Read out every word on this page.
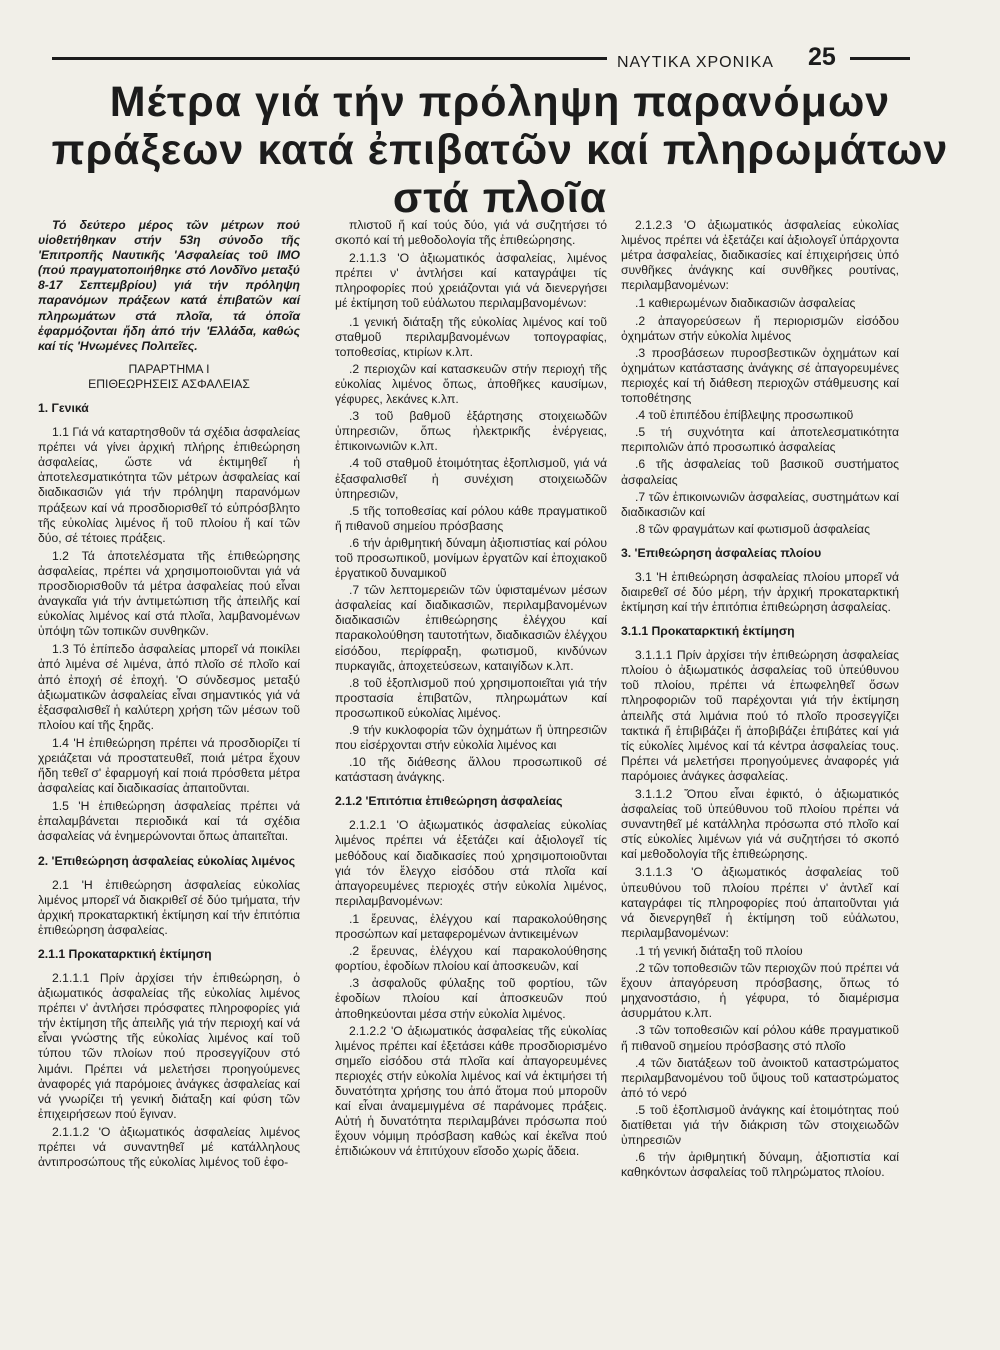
ΝΑΥΤΙΚΑ ΧΡΟΝΙΚΑ 25
Μέτρα γιά τήν πρόληψη παρανόμων πράξεων κατά ἐπιβατῶν καί πληρωμάτων στά πλοῖα

Τό δεύτερο μέρος τῶν μέτρων πού υἱοθετήθηκαν στήν 53η σύνοδο τῆς 'Επιτροπῆς Ναυτικῆς 'Ασφαλείας τοῦ ΙΜΟ (πού πραγματοποιήθηκε στό Λονδῖνο μεταξύ 8-17 Σεπτεμβρίου) γιά τήν πρόληψη παρανόμων πράξεων κατά ἐπιβατῶν καί πληρωμάτων στά πλοῖα, τά ὁποῖα ἐφαρμόζονται ἤδη ἀπό τήν 'Ελλάδα, καθώς καί τίς 'Ηνωμένες Πολιτεῖες.

ΠΑΡΑΡΤΗΜΑ Ι
ΕΠΙΘΕΩΡΗΣΕΙΣ ΑΣΦΑΛΕΙΑΣ
1. Γενικά

1.1 Γιά νά καταρτησθοῦν τά σχέδια ἀσφαλείας πρέπει νά γίνει ἀρχική πλήρης ἐπιθεώρηση ἀσφαλείας, ὥστε νά ἐκτιμηθεῖ ἡ ἀποτελεσματικότητα τῶν μέτρων ἀσφαλείας καί διαδικασιῶν γιά τήν πρόληψη παρανόμων πράξεων καί νά προσδιορισθεῖ τό εὐπρόσβλητο τῆς εὐκολίας λιμένος ἤ τοῦ πλοίου ἤ καί τῶν δύο, σέ τέτοιες πράξεις.

1.2 Τά ἀποτελέσματα τῆς ἐπιθεώρησης ἀσφαλείας, πρέπει νά χρησιμοποιοῦνται γιά νά προσδιορισθοῦν τά μέτρα ἀσφαλείας πού εἶναι ἀναγκαῖα γιά τήν ἀντιμετώπιση τῆς ἀπειλῆς καί εὐκολίας λιμένος καί στά πλοῖα, λαμβανομένων ὑπόψη τῶν τοπικῶν συνθηκῶν.

1.3 Τό ἐπίπεδο ἀσφαλείας μπορεῖ νά ποικίλει ἀπό λιμένα σέ λιμένα, ἀπό πλοῖο σέ πλοῖο καί ἀπό ἐποχή σέ ἐποχή. 'Ο σύνδεσμος μεταξύ ἀξιωματικῶν ἀσφαλείας εἶναι σημαντικός γιά νά ἐξασφαλισθεῖ ἡ καλύτερη χρήση τῶν μέσων τοῦ πλοίου καί τῆς ξηρᾶς.

1.4 'Η ἐπιθεώρηση πρέπει νά προσδιορίζει τί χρειάζεται νά προστατευθεῖ, ποιά μέτρα ἔχουν ἤδη τεθεῖ σ' ἐφαρμογή καί ποιά πρόσθετα μέτρα ἀσφαλείας καί διαδικασίας ἀπαιτοῦνται.

1.5 'Η ἐπιθεώρηση ἀσφαλείας πρέπει νά ἐπαλαμβάνεται περιοδικά καί τά σχέδια ἀσφαλείας νά ἐνημερώνονται ὅπως ἀπαιτεῖται.

2. 'Επιθεώρηση ἀσφαλείας εὐκολίας λιμένος

2.1 'Η ἐπιθεώρηση ἀσφαλείας εὐκολίας λιμένος μπορεῖ νά διακριθεῖ σέ δύο τμήματα, τήν ἀρχική προκαταρκτική ἐκτίμηση καί τήν ἐπιτόπια ἐπιθεώρηση ἀσφαλείας.

2.1.1 Προκαταρκτική ἐκτίμηση

2.1.1.1 Πρίν ἀρχίσει τήν ἐπιθεώρηση, ὁ ἀξιωματικός ἀσφαλείας τῆς εὐκολίας λιμένος πρέπει ν' ἀντλήσει πρόσφατες πληροφορίες γιά τήν ἐκτίμηση τῆς ἀπειλῆς γιά τήν περιοχή καί νά εἶναι γνώστης τῆς εὐκολίας λιμένος καί τοῦ τύπου τῶν πλοίων πού προσεγγίζουν στό λιμάνι. Πρέπει νά μελετήσει προηγούμενες ἀναφορές γιά παρόμοιες ἀνάγκες ἀσφαλείας καί νά γνωρίζει τή γενική διάταξη καί φύση τῶν ἐπιχειρήσεων πού ἔγιναν.

2.1.1.2 'Ο ἀξιωματικός ἀσφαλείας λιμένος πρέπει νά συναντηθεῖ μέ κατάλληλους ἀντιπροσώπους τῆς εὐκολίας λιμένος τοῦ ἐφο-

πλιστοῦ ἤ καί τούς δύο, γιά νά συζητήσει τό σκοπό καί τή μεθοδολογία τῆς ἐπιθεώρησης.

2.1.1.3 'Ο ἀξιωματικός ἀσφαλείας, λιμένος πρέπει ν' ἀντλήσει καί καταγράψει τίς πληροφορίες πού χρειάζονται γιά νά διενεργήσει μέ ἐκτίμηση τοῦ εὐάλωτου περιλαμβανομένων:

.1 γενική διάταξη τῆς εὐκολίας λιμένος καί τοῦ σταθμοῦ περιλαμβανομένων τοπογραφίας, τοποθεσίας, κτιρίων κ.λπ.
.2 περιοχῶν καί κατασκευῶν στήν περιοχή τῆς εὐκολίας λιμένος ὅπως, ἀποθῆκες καυσίμων, γέφυρες, λεκάνες κ.λπ.
.3 τοῦ βαθμοῦ ἐξάρτησης στοιχειωδῶν ὑπηρεσιῶν, ὅπως ἠλεκτρικῆς ἐνέργειας, ἐπικοινωνιῶν κ.λπ.
.4 τοῦ σταθμοῦ ἑτοιμότητας ἐξοπλισμοῦ, γιά νά ἐξασφαλισθεῖ ἡ συνέχιση στοιχειωδῶν ὑπηρεσιῶν,
.5 τῆς τοποθεσίας καί ρόλου κάθε πραγματικοῦ ἤ πιθανοῦ σημείου πρόσβασης
.6 τήν ἀριθμητική δύναμη ἀξιοπιστίας καί ρόλου τοῦ προσωπικοῦ, μονίμων ἐργατῶν καί ἐποχιακοῦ ἐργατικοῦ δυναμικοῦ
.7 τῶν λεπτομερειῶν τῶν ὑφισταμένων μέσων ἀσφαλείας καί διαδικασιῶν, περιλαμβανομένων διαδικασιῶν ἐπιθεώρησης ἐλέγχου καί παρακολούθηση ταυτοτήτων, διαδικασιῶν ἐλέγχου εἰσόδου, περίφραξη, φωτισμοῦ, κινδύνων πυρκαγιᾶς, ἀποχετεύσεων, καταιγίδων κ.λπ.
.8 τοῦ ἐξοπλισμοῦ πού χρησιμοποιεῖται γιά τήν προστασία ἐπιβατῶν, πληρωμάτων καί προσωπικοῦ εὐκολίας λιμένος.
.9 τήν κυκλοφορία τῶν ὀχημάτων ἤ ὑπηρεσιῶν που εἰσέρχονται στήν εὐκολία λιμένος και
.10 τῆς διάθεσης ἄλλου προσωπικοῦ σέ κατάσταση ἀνάγκης.
2.1.2 'Επιτόπια ἐπιθεώρηση ἀσφαλείας

2.1.2.1 'Ο ἀξιωματικός ἀσφαλείας εὐκολίας λιμένος πρέπει νά ἐξετάζει καί ἀξιολογεῖ τίς μεθόδους καί διαδικασίες πού χρησιμοποιοῦνται γιά τόν ἔλεγχο εἰσόδου στά πλοῖα καί ἀπαγορευμένες περιοχές στήν εὐκολία λιμένος, περιλαμβανομένων:

.1 ἔρευνας, ἐλέγχου καί παρακολούθησης προσώπων καί μεταφερομένων ἀντικειμένων
.2 ἔρευνας, ἐλέγχου καί παρακολούθησης φορτίου, ἐφοδίων πλοίου καί ἀποσκευῶν, καί
.3 ἀσφαλοῦς φύλαξης τοῦ φορτίου, τῶν ἐφοδίων πλοίου καί ἀποσκευῶν πού ἀποθηκεύονται μέσα στήν εὐκολία λιμένος.

2.1.2.2 'Ο ἀξιωματικός ἀσφαλείας τῆς εὐκολίας λιμένος πρέπει καί ἐξετάσει κάθε προσδιορισμένο σημεῖο εἰσόδου στά πλοῖα καί ἀπαγορευμένες περιοχές στήν εὐκολία λιμένος καί νά ἐκτιμήσει τή δυνατότητα χρήσης του ἀπό ἄτομα πού μποροῦν καί εἶναι ἀναμεμιγμένα σέ παράνομες πράξεις. Αὐτή ἡ δυνατότητα περιλαμβάνει πρόσωπα πού ἔχουν νόμιμη πρόσβαση καθώς καί ἐκεῖνα πού ἐπιδιώκουν νά ἐπιτύχουν εἴσοδο χωρίς ἄδεια.

2.1.2.3 'Ο ἀξιωματικός ἀσφαλείας εὐκολίας λιμένος πρέπει νά ἐξετάζει καί ἀξιολογεῖ ὑπάρχοντα μέτρα ἀσφαλείας, διαδικασίες καί ἐπιχειρήσεις ὑπό συνθῆκες ἀνάγκης καί συνθῆκες ρουτίνας, περιλαμβανομένων:

.1 καθιερωμένων διαδικασιῶν ἀσφαλείας
.2 ἀπαγορεύσεων ἤ περιορισμῶν εἰσόδου ὀχημάτων στήν εὐκολία λιμένος
.3 προσβάσεων πυροσβεστικῶν ὀχημάτων καί ὀχημάτων κατάστασης ἀνάγκης σέ ἀπαγορευμένες περιοχές καί τή διάθεση περιοχῶν στάθμευσης καί τοποθέτησης
.4 τοῦ ἐπιπέδου ἐπίβλεψης προσωπικοῦ
.5 τή συχνότητα καί ἀποτελεσματικότητα περιπολιῶν ἀπό προσωπικό ἀσφαλείας
.6 τῆς ἀσφαλείας τοῦ βασικοῦ συστήματος ἀσφαλείας
.7 τῶν ἐπικοινωνιῶν ἀσφαλείας, συστημάτων καί διαδικασιῶν καί
.8 τῶν φραγμάτων καί φωτισμοῦ ἀσφαλείας
3. 'Επιθεώρηση ἀσφαλείας πλοίου

3.1 'Η ἐπιθεώρηση ἀσφαλείας πλοίου μπορεῖ νά διαιρεθεῖ σέ δύο μέρη, τήν ἀρχική προκαταρκτική ἐκτίμηση καί τήν ἐπιτόπια ἐπιθεώρηση ἀσφαλείας.

3.1.1 Προκαταρκτική ἐκτίμηση

3.1.1.1 Πρίν ἀρχίσει τήν ἐπιθεώρηση ἀσφαλείας πλοίου ὁ ἀξιωματικός ἀσφαλείας τοῦ ὑπεύθυνου τοῦ πλοίου, πρέπει νά ἐπωφεληθεῖ ὅσων πληροφοριῶν τοῦ παρέχονται γιά τήν ἐκτίμηση ἀπειλῆς στά λιμάνια πού τό πλοῖο προσεγγίζει τακτικά ἤ ἐπιβιβάζει ἤ ἀποβιβάζει ἐπιβάτες καί γιά τίς εὐκολίες λιμένος καί τά κέντρα ἀσφαλείας τους. Πρέπει νά μελετήσει προηγούμενες ἀναφορές γιά παρόμοιες ἀνάγκες ἀσφαλείας.

3.1.1.2 Ὅπου εἶναι ἐφικτό, ὁ ἀξιωματικός ἀσφαλείας τοῦ ὑπεύθυνου τοῦ πλοίου πρέπει νά συναντηθεῖ μέ κατάλληλα πρόσωπα στό πλοῖο καί στίς εὐκολίες λιμένων γιά νά συζητήσει τό σκοπό καί μεθοδολογία τῆς ἐπιθεώρησης.

3.1.1.3 'Ο ἀξιωματικός ἀσφαλείας τοῦ ὑπευθύνου τοῦ πλοίου πρέπει ν' ἀντλεῖ καί καταγράφει τίς πληροφορίες πού ἀπαιτοῦνται γιά νά διενεργηθεῖ ἡ ἐκτίμηση τοῦ εὐάλωτου, περιλαμβανομένων:

.1 τή γενική διάταξη τοῦ πλοίου
.2 τῶν τοποθεσιῶν τῶν περιοχῶν πού πρέπει νά ἔχουν ἀπαγόρευση πρόσβασης, ὅπως τό μηχανοστάσιο, ἡ γέφυρα, τό διαμέρισμα ἀσυρμάτου κ.λπ.
.3 τῶν τοποθεσιῶν καί ρόλου κάθε πραγματικοῦ ἤ πιθανοῦ σημείου πρόσβασης στό πλοῖο
.4 τῶν διατάξεων τοῦ ἀνοικτοῦ καταστρώματος περιλαμβανομένου τοῦ ὕψους τοῦ καταστρώματος ἀπό τό νερό
.5 τοῦ ἐξοπλισμοῦ ἀνάγκης καί ἑτοιμότητας πού διατίθεται γιά τήν διάκριση τῶν στοιχειωδῶν ὑπηρεσιῶν
.6 τήν ἀριθμητική δύναμη, ἀξιοπιστία καί καθηκόντων ἀσφαλείας τοῦ πληρώματος πλοίου.
